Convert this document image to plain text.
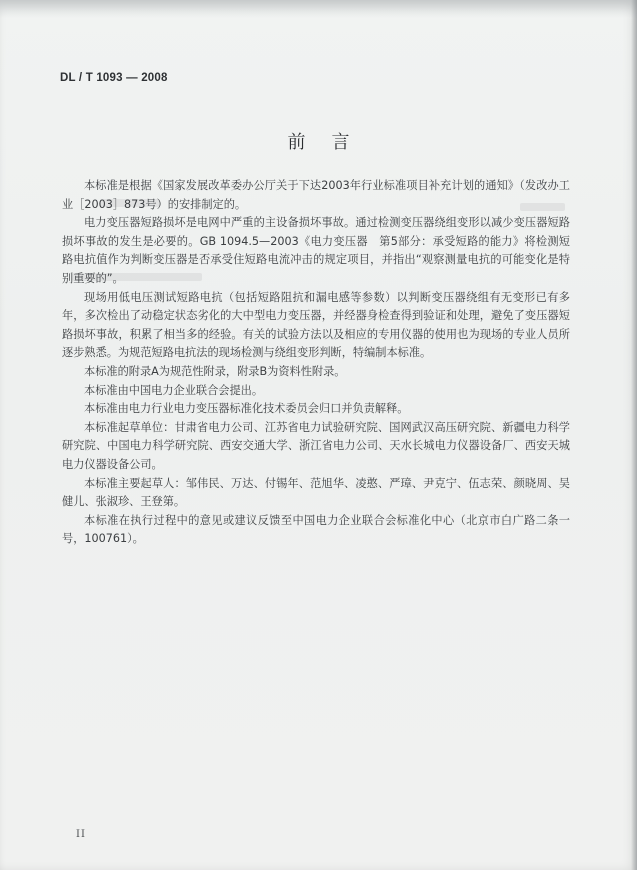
DL / T 1093 — 2008
前言

本标准是根据《国家发展改革委办公厅关于下达2003年行业标准项目补充计划的通知》（发改办工业［2003］873号）的安排制定的。

电力变压器短路损坏是电网中严重的主设备损坏事故。通过检测变压器绕组变形以减少变压器短路损坏事故的发生是必要的。GB 1094.5—2003《电力变压器　第5部分：承受短路的能力》将检测短路电抗值作为判断变压器是否承受住短路电流冲击的规定项目，并指出“观察测量电抗的可能变化是特别重要的”。

现场用低电压测试短路电抗（包括短路阻抗和漏电感等参数）以判断变压器绕组有无变形已有多年，多次检出了动稳定状态劣化的大中型电力变压器，并经器身检查得到验证和处理，避免了变压器短路损坏事故，积累了相当多的经验。有关的试验方法以及相应的专用仪器的使用也为现场的专业人员所逐步熟悉。为规范短路电抗法的现场检测与绕组变形判断，特编制本标准。

本标准的附录A为规范性附录，附录B为资料性附录。

本标准由中国电力企业联合会提出。

本标准由电力行业电力变压器标准化技术委员会归口并负责解释。

本标准起草单位：甘肃省电力公司、江苏省电力试验研究院、国网武汉高压研究院、新疆电力科学研究院、中国电力科学研究院、西安交通大学、浙江省电力公司、天水长城电力仪器设备厂、西安天城电力仪器设备公司。

本标准主要起草人：邹伟民、万达、付锡年、范旭华、凌憨、严璋、尹克宁、伍志荣、颜晓周、吴健儿、张淑珍、王登第。

本标准在执行过程中的意见或建议反馈至中国电力企业联合会标准化中心（北京市白广路二条一号，100761）。

II
